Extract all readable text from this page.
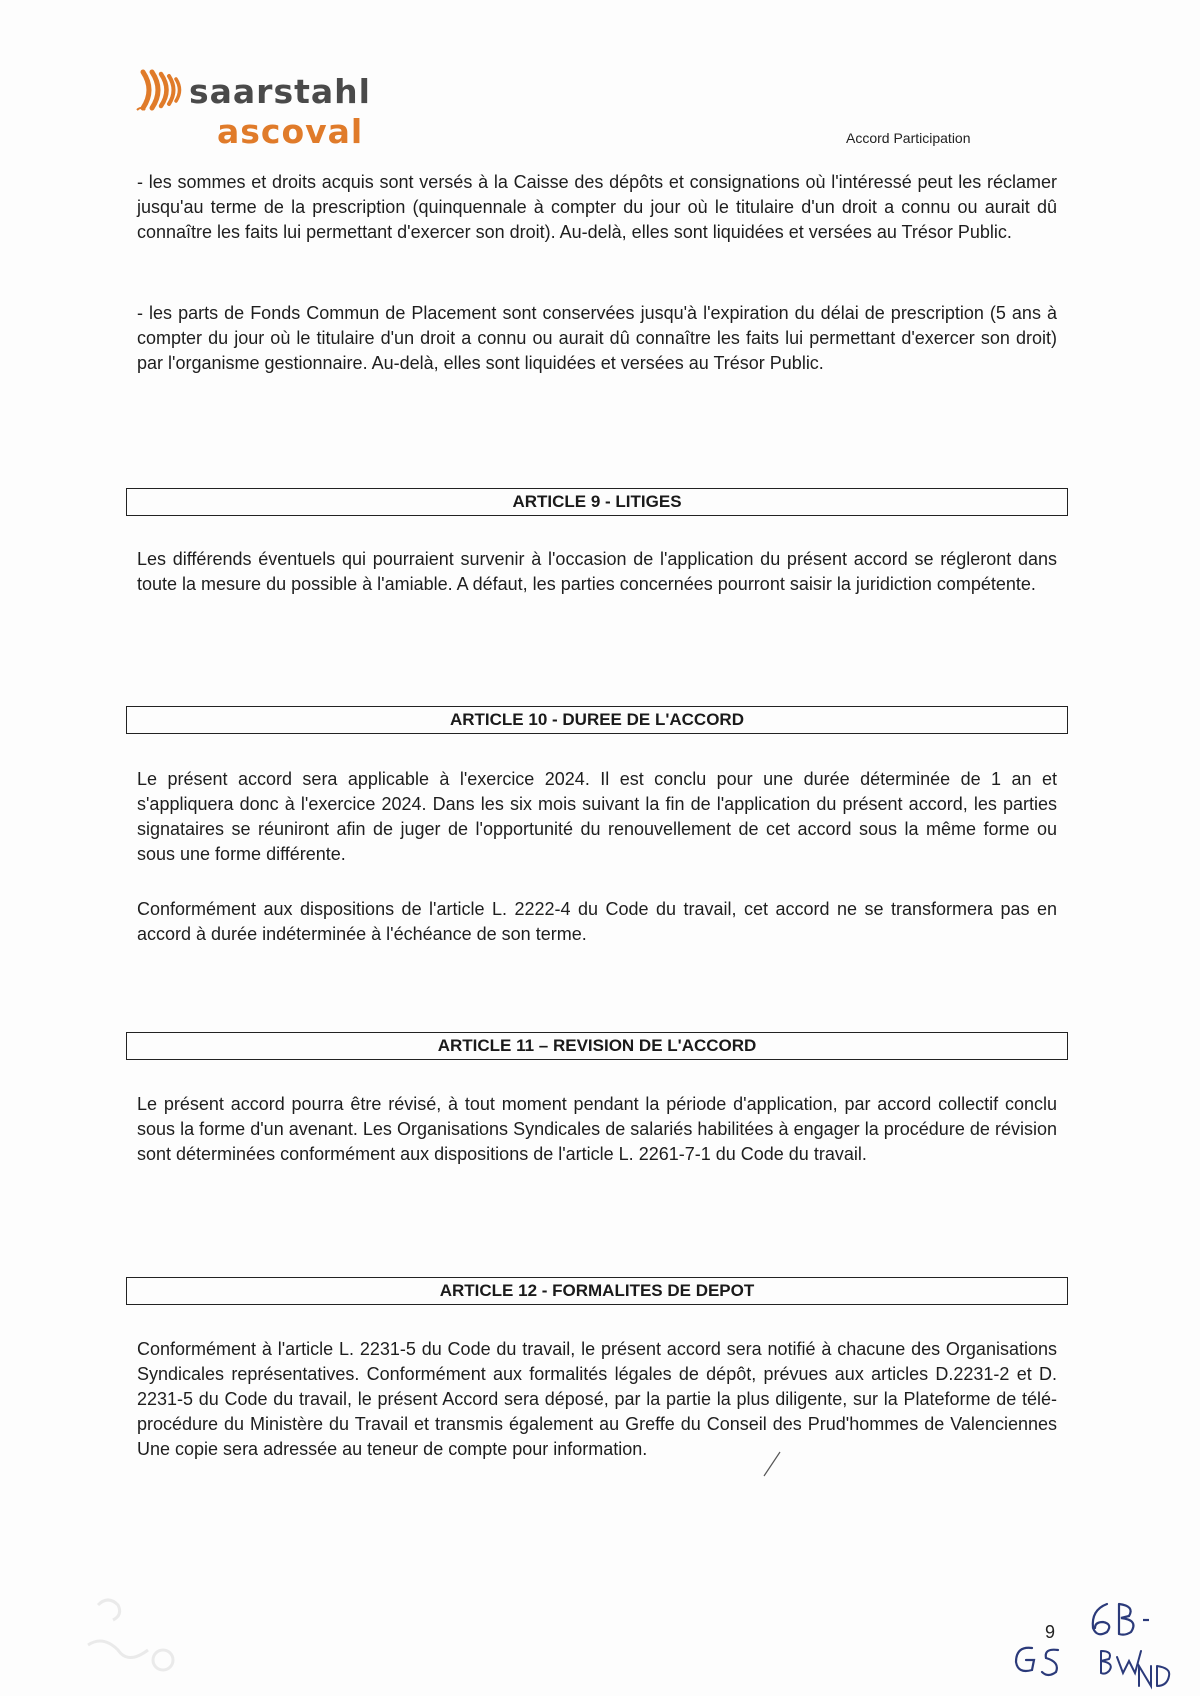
saarstahl
ascoval	Accord Participation
- les sommes et droits acquis sont versés à la Caisse des dépôts et consignations où l'intéressé peut les réclamer jusqu'au terme de la prescription (quinquennale à compter du jour où le titulaire d'un droit a connu ou aurait dû connaître les faits lui permettant d'exercer son droit). Au-delà, elles sont liquidées et versées au Trésor Public.
- les parts de Fonds Commun de Placement sont conservées jusqu'à l'expiration du délai de prescription (5 ans à compter du jour où le titulaire d'un droit a connu ou aurait dû connaître les faits lui permettant d'exercer son droit) par l'organisme gestionnaire. Au-delà, elles sont liquidées et versées au Trésor Public.
ARTICLE 9 - LITIGES
Les différends éventuels qui pourraient survenir à l'occasion de l'application du présent accord se régleront dans toute la mesure du possible à l'amiable. A défaut, les parties concernées pourront saisir la juridiction compétente.
ARTICLE 10 - DUREE DE L'ACCORD
Le présent accord sera applicable à l'exercice 2024. Il est conclu pour une durée déterminée de 1 an et s'appliquera donc à l'exercice 2024. Dans les six mois suivant la fin de l'application du présent accord, les parties signataires se réuniront afin de juger de l'opportunité du renouvellement de cet accord sous la même forme ou sous une forme différente.
Conformément aux dispositions de l'article L. 2222-4 du Code du travail, cet accord ne se transformera pas en accord à durée indéterminée à l'échéance de son terme.
ARTICLE 11 – REVISION DE L'ACCORD
Le présent accord pourra être révisé, à tout moment pendant la période d'application, par accord collectif conclu sous la forme d'un avenant. Les Organisations Syndicales de salariés habilitées à engager la procédure de révision sont déterminées conformément aux dispositions de l'article L. 2261-7-1 du Code du travail.
ARTICLE 12 - FORMALITES DE DEPOT
Conformément à l'article L. 2231-5 du Code du travail, le présent accord sera notifié à chacune des Organisations Syndicales représentatives. Conformément aux formalités légales de dépôt, prévues aux articles D.2231-2 et D. 2231-5 du Code du travail, le présent Accord sera déposé, par la partie la plus diligente, sur la Plateforme de télé-procédure du Ministère du Travail et transmis également au Greffe du Conseil des Prud'hommes de Valenciennes Une copie sera adressée au teneur de compte pour information.
9
